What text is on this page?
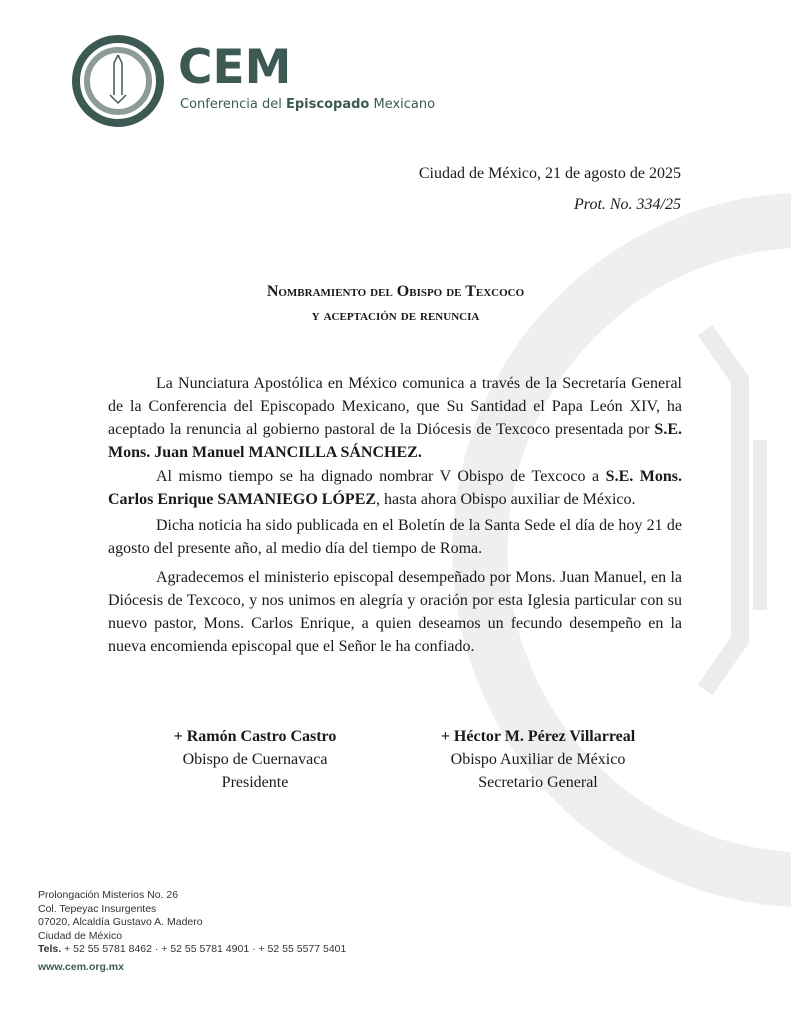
CEM
Conferencia del Episcopado Mexicano
Ciudad de México, 21 de agosto de 2025
Prot. No. 334/25
Nombramiento del Obispo de Texcoco
y aceptación de renuncia

La Nunciatura Apostólica en México comunica a través de la Secretaría General de la Conferencia del Episcopado Mexicano, que Su Santidad el Papa León XIV, ha aceptado la renuncia al gobierno pastoral de la Diócesis de Texcoco presentada por S.E. Mons. Juan Manuel MANCILLA SÁNCHEZ.

Al mismo tiempo se ha dignado nombrar V Obispo de Texcoco a S.E. Mons. Carlos Enrique SAMANIEGO LÓPEZ, hasta ahora Obispo auxiliar de México.

Dicha noticia ha sido publicada en el Boletín de la Santa Sede el día de hoy 21 de agosto del presente año, al medio día del tiempo de Roma.

Agradecemos el ministerio episcopal desempeñado por Mons. Juan Manuel, en la Diócesis de Texcoco, y nos unimos en alegría y oración por esta Iglesia particular con su nuevo pastor, Mons. Carlos Enrique, a quien deseamos un fecundo desempeño en la nueva encomienda episcopal que el Señor le ha confiado.

+ Ramón Castro Castro
Obispo de Cuernavaca
Presidente
+ Héctor M. Pérez Villarreal
Obispo Auxiliar de México
Secretario General
Prolongación Misterios No. 26
Col. Tepeyac Insurgentes
07020, Alcaldía Gustavo A. Madero
Ciudad de México
Tels. + 52 55 5781 8462 · + 52 55 5781 4901 · + 52 55 5577 5401
www.cem.org.mx
